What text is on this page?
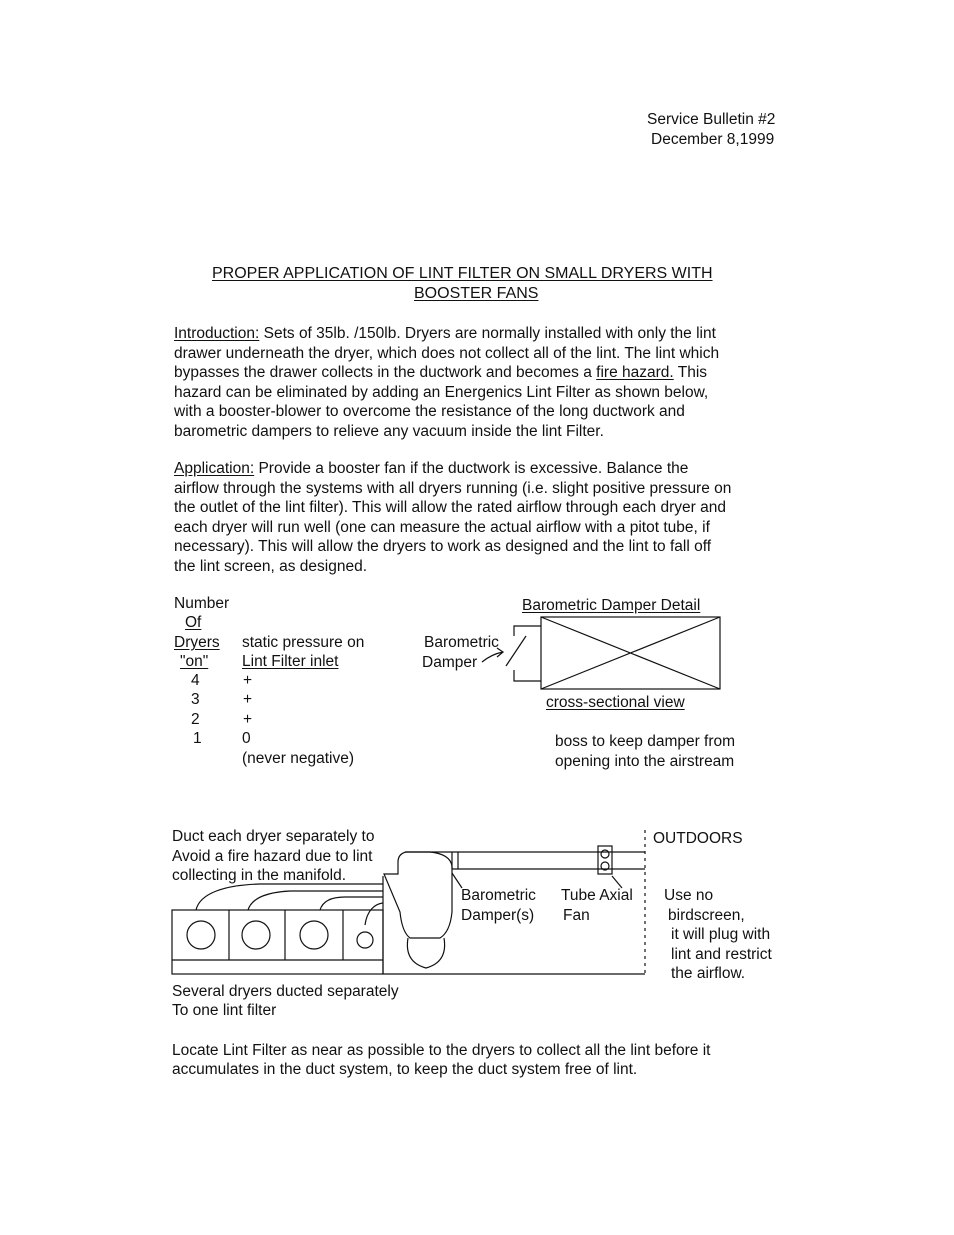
Service Bulletin #2
December 8,1999
PROPER APPLICATION OF LINT FILTER ON SMALL DRYERS WITH
BOOSTER FANS
Introduction: Sets of 35lb. /150lb. Dryers are normally installed with only the lint
drawer underneath the dryer, which does not collect all of the lint. The lint which
bypasses the drawer collects in the ductwork and becomes a fire hazard. This
hazard can be eliminated by adding an Energenics Lint Filter as shown below,
with a booster-blower to overcome the resistance of the long ductwork and
barometric dampers to relieve any vacuum inside the lint Filter.
Application: Provide a booster fan if the ductwork is excessive. Balance the
airflow through the systems with all dryers running (i.e. slight positive pressure on
the outlet of the lint filter). This will allow the rated airflow through each dryer and
each dryer will run well (one can measure the actual airflow with a pitot tube, if
necessary). This will allow the dryers to work as designed and the lint to fall off
the lint screen, as designed.
Number
Of
Dryers
"on"
static pressure on
Lint Filter inlet
4	+
3	+
2	+
1	0
(never negative)
Barometric Damper Detail
Barometric
Damper
cross-sectional view
boss to keep damper from
opening into the airstream
Duct each dryer separately to
Avoid a fire hazard due to lint
collecting in the manifold.
OUTDOORS
Barometric
Damper(s)
Tube Axial
Fan
Use no
birdscreen,
it will plug with
lint and restrict
the airflow.
Several dryers ducted separately
To one lint filter
Locate Lint Filter as near as possible to the dryers to collect all the lint before it
accumulates in the duct system, to keep the duct system free of lint.
